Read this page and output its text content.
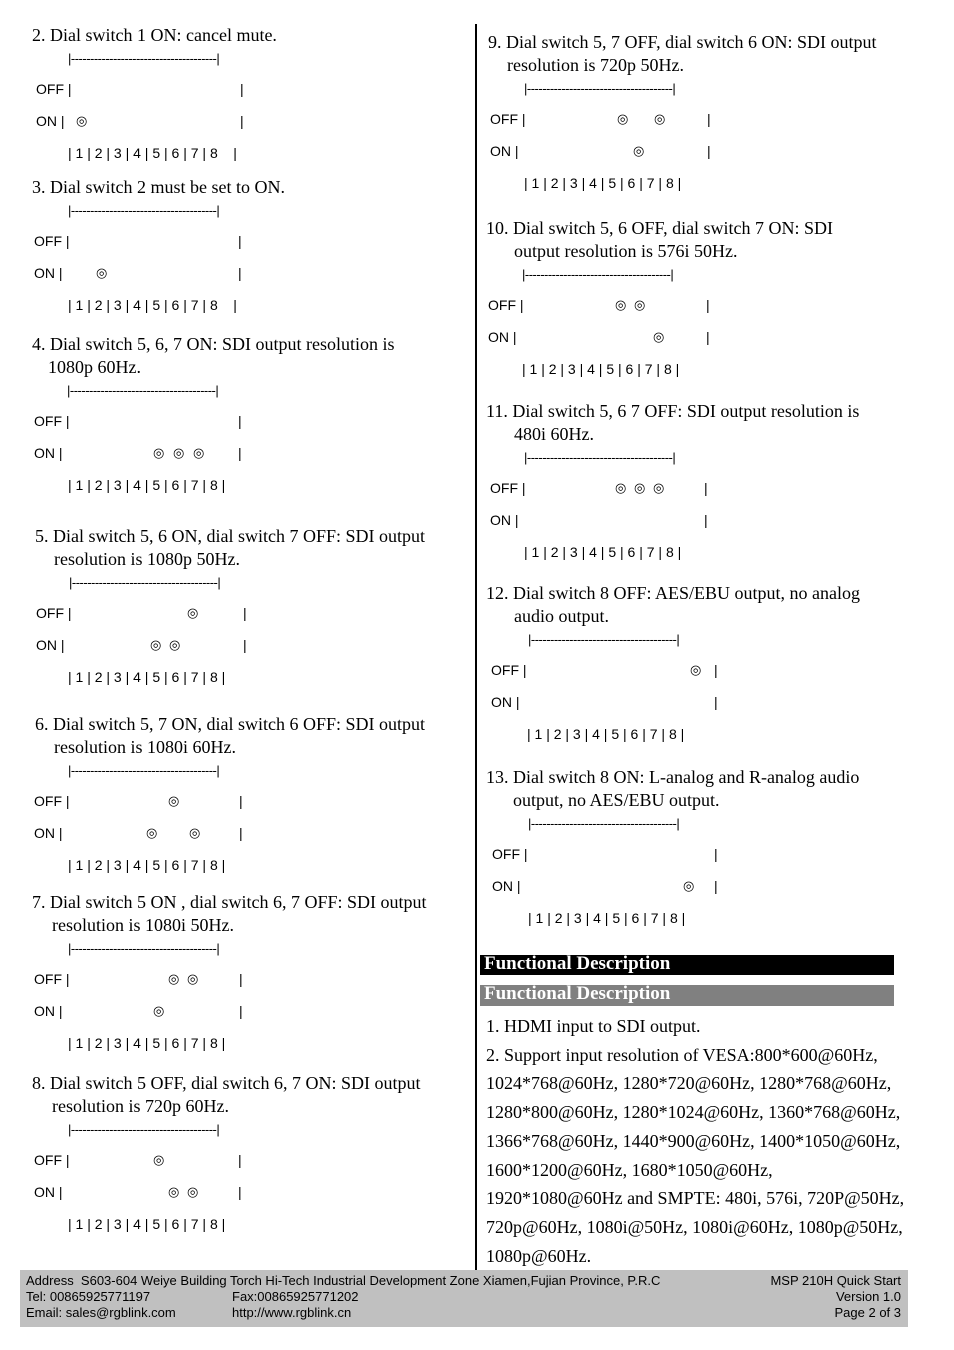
2. Dial switch 1 ON: cancel mute.

|--------------------------------------|
OFF |	|
ON |	|
◎
| 1 | 2 | 3 | 4 | 5 | 6 | 7 | 8    |

3. Dial switch 2 must be set to ON.

|--------------------------------------|
OFF |	|
ON |	|
◎
| 1 | 2 | 3 | 4 | 5 | 6 | 7 | 8    |

4. Dial switch 5, 6, 7 ON: SDI output resolution is
1080p 60Hz.

|--------------------------------------|
OFF |	|
ON |	|
◎ ◎ ◎
| 1 | 2 | 3 | 4 | 5 | 6 | 7 | 8 |

5. Dial switch 5, 6 ON, dial switch 7 OFF: SDI output
resolution is 1080p 50Hz.

|--------------------------------------|
OFF |	|
ON |	|
◎
◎ ◎
| 1 | 2 | 3 | 4 | 5 | 6 | 7 | 8 |

6. Dial switch 5, 7 ON, dial switch 6 OFF: SDI output
resolution is 1080i 60Hz.

|--------------------------------------|
OFF |	|
ON |	|
◎
◎ ◎
| 1 | 2 | 3 | 4 | 5 | 6 | 7 | 8 |

7. Dial switch 5 ON , dial switch 6, 7 OFF: SDI output
resolution is 1080i 50Hz.

|--------------------------------------|
OFF |	|
ON |	|
◎ ◎
◎
| 1 | 2 | 3 | 4 | 5 | 6 | 7 | 8 |

8. Dial switch 5 OFF, dial switch 6, 7 ON: SDI output
resolution is 720p 60Hz.

|--------------------------------------|
OFF |	|
ON |	|
◎
◎ ◎
| 1 | 2 | 3 | 4 | 5 | 6 | 7 | 8 |

9. Dial switch 5, 7 OFF, dial switch 6 ON: SDI output
resolution is 720p 50Hz.

|--------------------------------------|
OFF |	|
ON |	|
◎ ◎
◎
| 1 | 2 | 3 | 4 | 5 | 6 | 7 | 8 |

10. Dial switch 5, 6 OFF, dial switch 7 ON: SDI
output resolution is 576i 50Hz.

|--------------------------------------|
OFF |	|
ON |	|
◎ ◎
◎
| 1 | 2 | 3 | 4 | 5 | 6 | 7 | 8 |

11. Dial switch 5, 6 7 OFF: SDI output resolution is
480i 60Hz.

|--------------------------------------|
OFF |	|
ON |	|
◎ ◎ ◎
| 1 | 2 | 3 | 4 | 5 | 6 | 7 | 8 |

12. Dial switch 8 OFF: AES/EBU output, no analog
audio output.

|--------------------------------------|
OFF |	|
ON |	|
◎
| 1 | 2 | 3 | 4 | 5 | 6 | 7 | 8 |

13. Dial switch 8 ON: L-analog and R-analog audio
output, no AES/EBU output.

|--------------------------------------|
OFF |	|
ON |	|
◎
| 1 | 2 | 3 | 4 | 5 | 6 | 7 | 8 |
Functional Description
Functional Description
1. HDMI input to SDI output.
2. Support input resolution of VESA:800*600@60Hz,
1024*768@60Hz, 1280*720@60Hz, 1280*768@60Hz,
1280*800@60Hz, 1280*1024@60Hz, 1360*768@60Hz,
1366*768@60Hz, 1440*900@60Hz, 1400*1050@60Hz,
1600*1200@60Hz, 1680*1050@60Hz,
1920*1080@60Hz and SMPTE: 480i, 576i, 720P@50Hz,
720p@60Hz, 1080i@50Hz, 1080i@60Hz, 1080p@50Hz,
1080p@60Hz.
Address  S603-604 Weiye Building Torch Hi-Tech Industrial Development Zone Xiamen,Fujian Province, P.R.C	MSP 210H Quick Start
Tel: 00865925771197	Fax:00865925771202	Version 1.0
Email: sales@rgblink.com	http://www.rgblink.cn	Page 2 of 3
